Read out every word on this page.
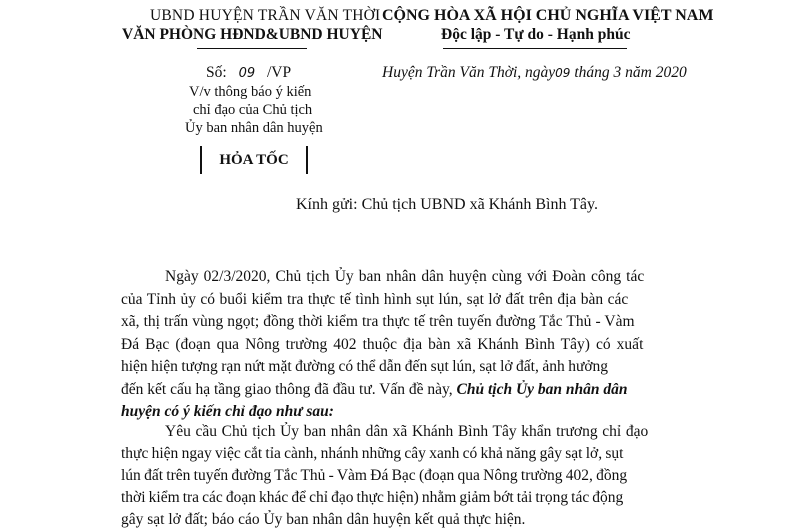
UBND HUYỆN TRẦN VĂN THỜI
VĂN PHÒNG HĐND&UBND HUYỆN
CỘNG HÒA XÃ HỘI CHỦ NGHĨA VIỆT NAM
Độc lập - Tự do - Hạnh phúc
Số: 09 /VP	Huyện Trần Văn Thời, ngày09 tháng 3 năm 2020
V/v thông báo ý kiến
chỉ đạo của Chủ tịch
Ủy ban nhân dân huyện
HỎA TỐC
Kính gửi: Chủ tịch UBND xã Khánh Bình Tây.
Ngày 02/3/2020, Chủ tịch Ủy ban nhân dân huyện cùng với Đoàn công tác
của Tỉnh ủy có buổi kiểm tra thực tế tình hình sụt lún, sạt lở đất trên địa bàn các
xã, thị trấn vùng ngọt; đồng thời kiểm tra thực tế trên tuyến đường Tắc Thủ - Vàm
Đá Bạc (đoạn qua Nông trường 402 thuộc địa bàn xã Khánh Bình Tây) có xuất
hiện hiện tượng rạn nứt mặt đường có thể dẫn đến sụt lún, sạt lở đất, ảnh hưởng
đến kết cấu hạ tầng giao thông đã đầu tư. Vấn đề này, Chủ tịch Ủy ban nhân dân
huyện có ý kiến chỉ đạo như sau:
Yêu cầu Chủ tịch Ủy ban nhân dân xã Khánh Bình Tây khẩn trương chỉ đạo
thực hiện ngay việc cắt tỉa cành, nhánh những cây xanh có khả năng gây sạt lở, sụt
lún đất trên tuyến đường Tắc Thủ - Vàm Đá Bạc (đoạn qua Nông trường 402, đồng
thời kiểm tra các đoạn khác để chỉ đạo thực hiện) nhằm giảm bớt tải trọng tác động
gây sạt lở đất; báo cáo Ủy ban nhân dân huyện kết quả thực hiện.
